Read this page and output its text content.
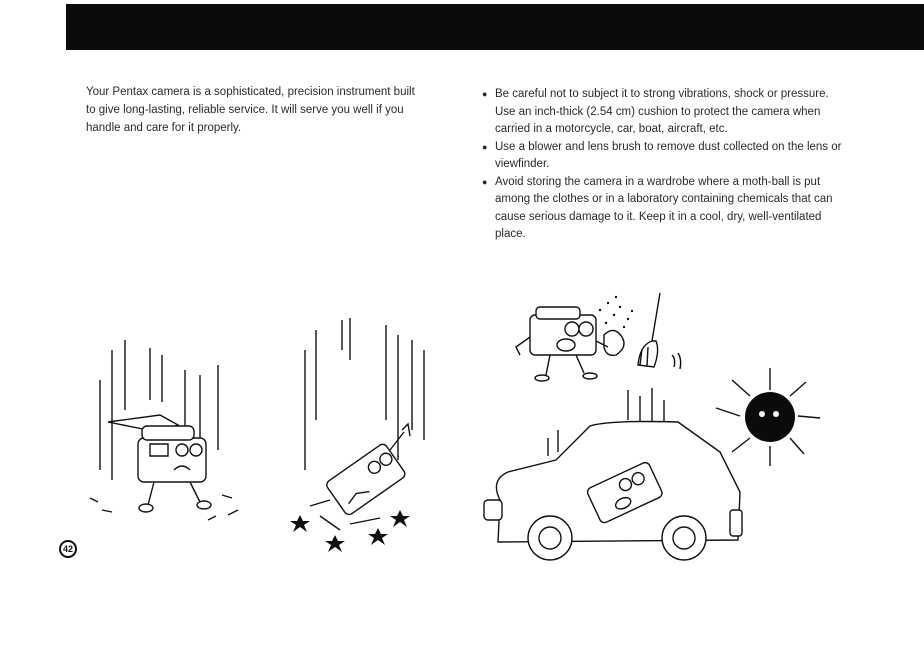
Your Pentax camera is a sophisticated, precision instrument built to give long-lasting, reliable service. It will serve you well if you handle and care for it properly.

● Be careful not to subject it to strong vibrations, shock or pressure.
Use an inch-thick (2.54 cm) cushion to protect the camera when carried in a motorcycle, car, boat, aircraft, etc.
● Use a blower and lens brush to remove dust collected on the lens or viewfinder.
● Avoid storing the camera in a wardrobe where a moth-ball is put among the clothes or in a laboratory containing chemicals that can cause serious damage to it. Keep it in a cool, dry, well-ventilated place.
42
